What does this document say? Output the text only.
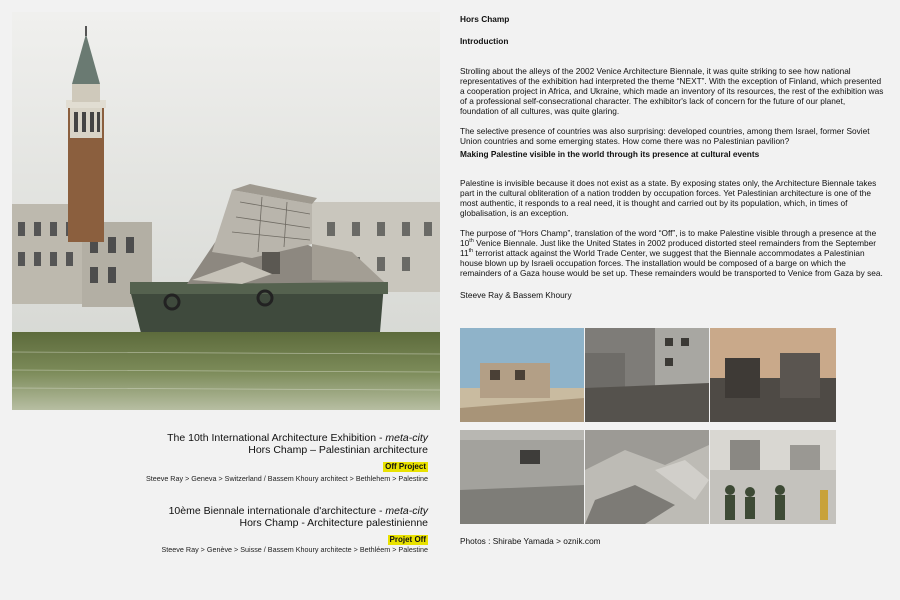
The 10th International Architecture Exhibition - meta-city
Hors Champ – Palestinian architecture
Off Project
Steeve Ray > Geneva > Switzerland / Bassem Khoury architect > Bethlehem > Palestine
10ème Biennale internationale d'architecture - meta-city
Hors Champ - Architecture palestinienne
Projet Off
Steeve Ray > Genève > Suisse / Bassem Khoury architecte > Bethléem > Palestine
Hors Champ
Introduction

Strolling about the alleys of the 2002 Venice Architecture Biennale, it was quite striking to see how national representatives of the exhibition had interpreted the theme “NEXT”. With the exception of Finland, which presented a cooperation project in Africa, and Ukraine, which made an inventory of its resources, the rest of the exhibition was of a professional self-consecrational character. The exhibitor's lack of concern for the future of our planet, foundation of all cultures, was quite glaring.

The selective presence of countries was also surprising: developed countries, among them Israel, former Soviet Union countries and some emerging states. How come there was no Palestinian pavilion?

Making Palestine visible in the world through its presence at cultural events

Palestine is invisible because it does not exist as a state. By exposing states only, the Architecture Biennale takes part in the cultural obliteration of a nation trodden by occupation forces. Yet Palestinian architecture is one of the most authentic, it responds to a real need, it is thought and carried out by its population, which, in times of globalisation, is an exception.

The purpose of “Hors Champ”, translation of the word “Off”, is to make Palestine visible through a presence at the 10th Venice Biennale. Just like the United States in 2002 produced distorted steel remainders from the September 11th terrorist attack against the World Trade Center, we suggest that the Biennale accommodates a Palestinian house blown up by Israeli occupation forces. The installation would be composed of a barge on which the remainders of a Gaza house would be set up. These remainders would be transported to Venice from Gaza by sea.

Steeve Ray & Bassem Khoury
Photos : Shirabe Yamada > oznik.com
